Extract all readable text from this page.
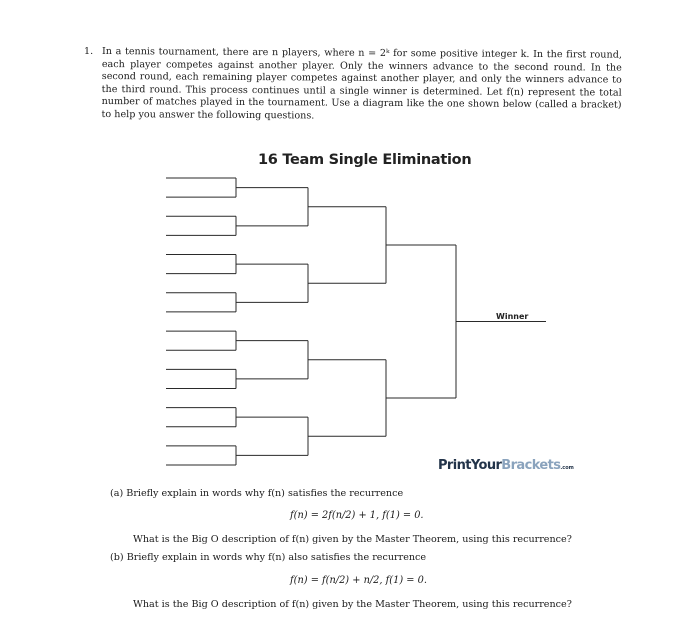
1. In a tennis tournament, there are n players, where n = 2ᵏ for some positive integer k. In the first round, each player competes against another player. Only the winners advance to the second round. In the second round, each remaining player competes against another player, and only the winners advance to the third round. This process continues until a single winner is determined. Let f(n) represent the total number of matches played in the tournament. Use a diagram like the one shown below (called a bracket) to help you answer the following questions.
16 Team Single Elimination
Winner
PrintYourBrackets.com
(a) Briefly explain in words why f(n) satisfies the recurrence
f(n) = 2f(n/2) + 1, f(1) = 0.
What is the Big O description of f(n) given by the Master Theorem, using this recurrence?
(b) Briefly explain in words why f(n) also satisfies the recurrence
f(n) = f(n/2) + n/2, f(1) = 0.
What is the Big O description of f(n) given by the Master Theorem, using this recurrence?
